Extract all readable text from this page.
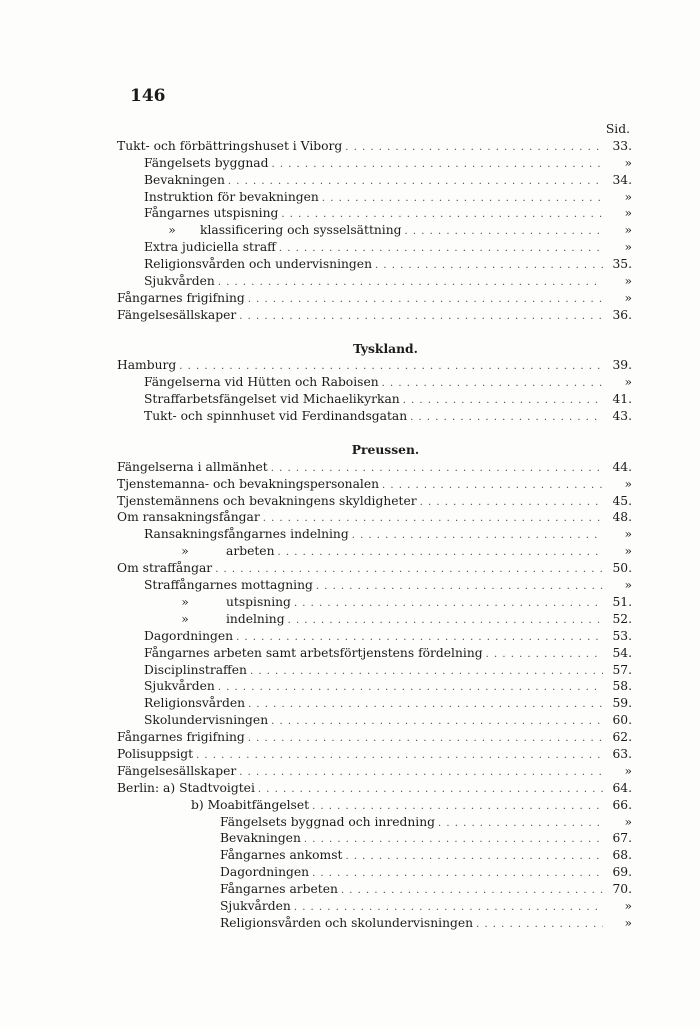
146
Sid.
Tukt- och förbättringshuset i Viborg . . .	33.
Fängelsets byggnad . . .	»
Bevakningen . . .	34.
Instruktion för bevakningen . . .	»
Fångarnes utspisning . . .	»
» klassificering och sysselsättning . . .	»
Extra judiciella straff . . .	»
Religionsvården och undervisningen . . .	35.
Sjukvården . . .	»
Fångarnes frigifning . . .	»
Fängelsesällskaper . . .	36.
Tyskland.
Hamburg . . .	39.
Fängelserna vid Hütten och Raboisen . . .	»
Straffarbetsfängelset vid Michaelikyrkan . . .	41.
Tukt- och spinnhuset vid Ferdinandsgatan . . .	43.
Preussen.
Fängelserna i allmänhet . . .	44.
Tjenstemanna- och bevakningspersonalen . . .	»
Tjenstemännens och bevakningens skyldigheter . . .	45.
Om ransakningsfångar . . .	48.
Ransakningsfångarnes indelning . . .	»
»	arbeten . . .	»
Om straffångar . . .	50.
Straffångarnes mottagning . . .	»
»	utspisning . . .	51.
»	indelning . . .	52.
Dagordningen . . .	53.
Fångarnes arbeten samt arbetsförtjenstens fördelning . . .	54.
Disciplinstraffen . . .	57.
Sjukvården . . .	58.
Religionsvården . . .	59.
Skolundervisningen . . .	60.
Fångarnes frigifning . . .	62.
Polisuppsigt . . .	63.
Fängelsesällskaper . . .	»
Berlin: a) Stadtvoigtei . . .	64.
b) Moabitfängelset . . .	66.
Fängelsets byggnad och inredning . . .	»
Bevakningen . . .	67.
Fångarnes ankomst . . .	68.
Dagordningen . . .	69.
Fångarnes arbeten . . .	70.
Sjukvården . . .	»
Religionsvården och skolundervisningen . . .	»
